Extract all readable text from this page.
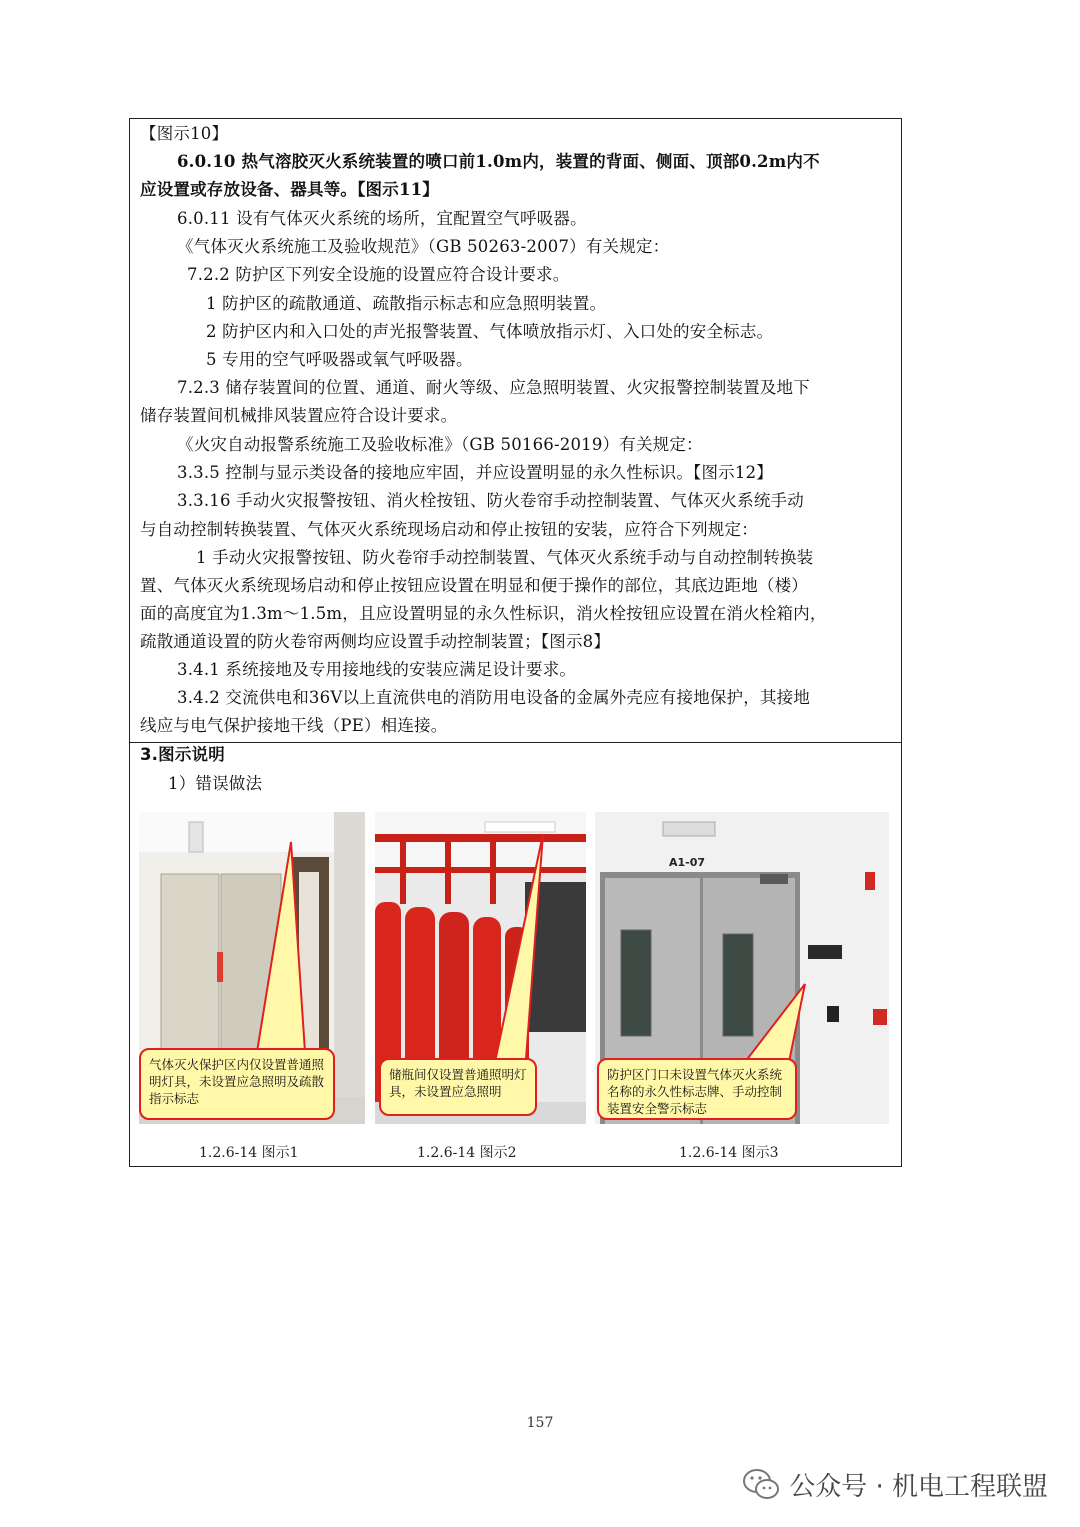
【图示10】
6.0.10 热气溶胶灭火系统装置的喷口前1.0m内，装置的背面、侧面、顶部0.2m内不
应设置或存放设备、器具等。【图示11】
6.0.11 设有气体灭火系统的场所，宜配置空气呼吸器。
《气体灭火系统施工及验收规范》（GB 50263-2007）有关规定：
7.2.2 防护区下列安全设施的设置应符合设计要求。
1 防护区的疏散通道、疏散指示标志和应急照明装置。
2 防护区内和入口处的声光报警装置、气体喷放指示灯、入口处的安全标志。
5 专用的空气呼吸器或氧气呼吸器。
7.2.3 储存装置间的位置、通道、耐火等级、应急照明装置、火灾报警控制装置及地下
储存装置间机械排风装置应符合设计要求。
《火灾自动报警系统施工及验收标准》（GB 50166-2019）有关规定：
3.3.5 控制与显示类设备的接地应牢固，并应设置明显的永久性标识。【图示12】
3.3.16 手动火灾报警按钮、消火栓按钮、防火卷帘手动控制装置、气体灭火系统手动
与自动控制转换装置、气体灭火系统现场启动和停止按钮的安装，应符合下列规定：
1 手动火灾报警按钮、防火卷帘手动控制装置、气体灭火系统手动与自动控制转换装
置、气体灭火系统现场启动和停止按钮应设置在明显和便于操作的部位，其底边距地（楼）
面的高度宜为1.3m～1.5m，且应设置明显的永久性标识，消火栓按钮应设置在消火栓箱内，
疏散通道设置的防火卷帘两侧均应设置手动控制装置；【图示8】
3.4.1 系统接地及专用接地线的安装应满足设计要求。
3.4.2 交流供电和36V以上直流供电的消防用电设备的金属外壳应有接地保护，其接地
线应与电气保护接地干线（PE）相连接。
3.图示说明
1）错误做法
气体灭火保护区内仅设置普通照明灯具，未设置应急照明及疏散指示标志
储瓶间仅设置普通照明灯具，未设置应急照明
A1-07
防护区门口未设置气体灭火系统名称的永久性标志牌、手动控制装置安全警示标志
1.2.6-14 图示1	1.2.6-14 图示2	1.2.6-14 图示3
157
公众号 · 机电工程联盟
